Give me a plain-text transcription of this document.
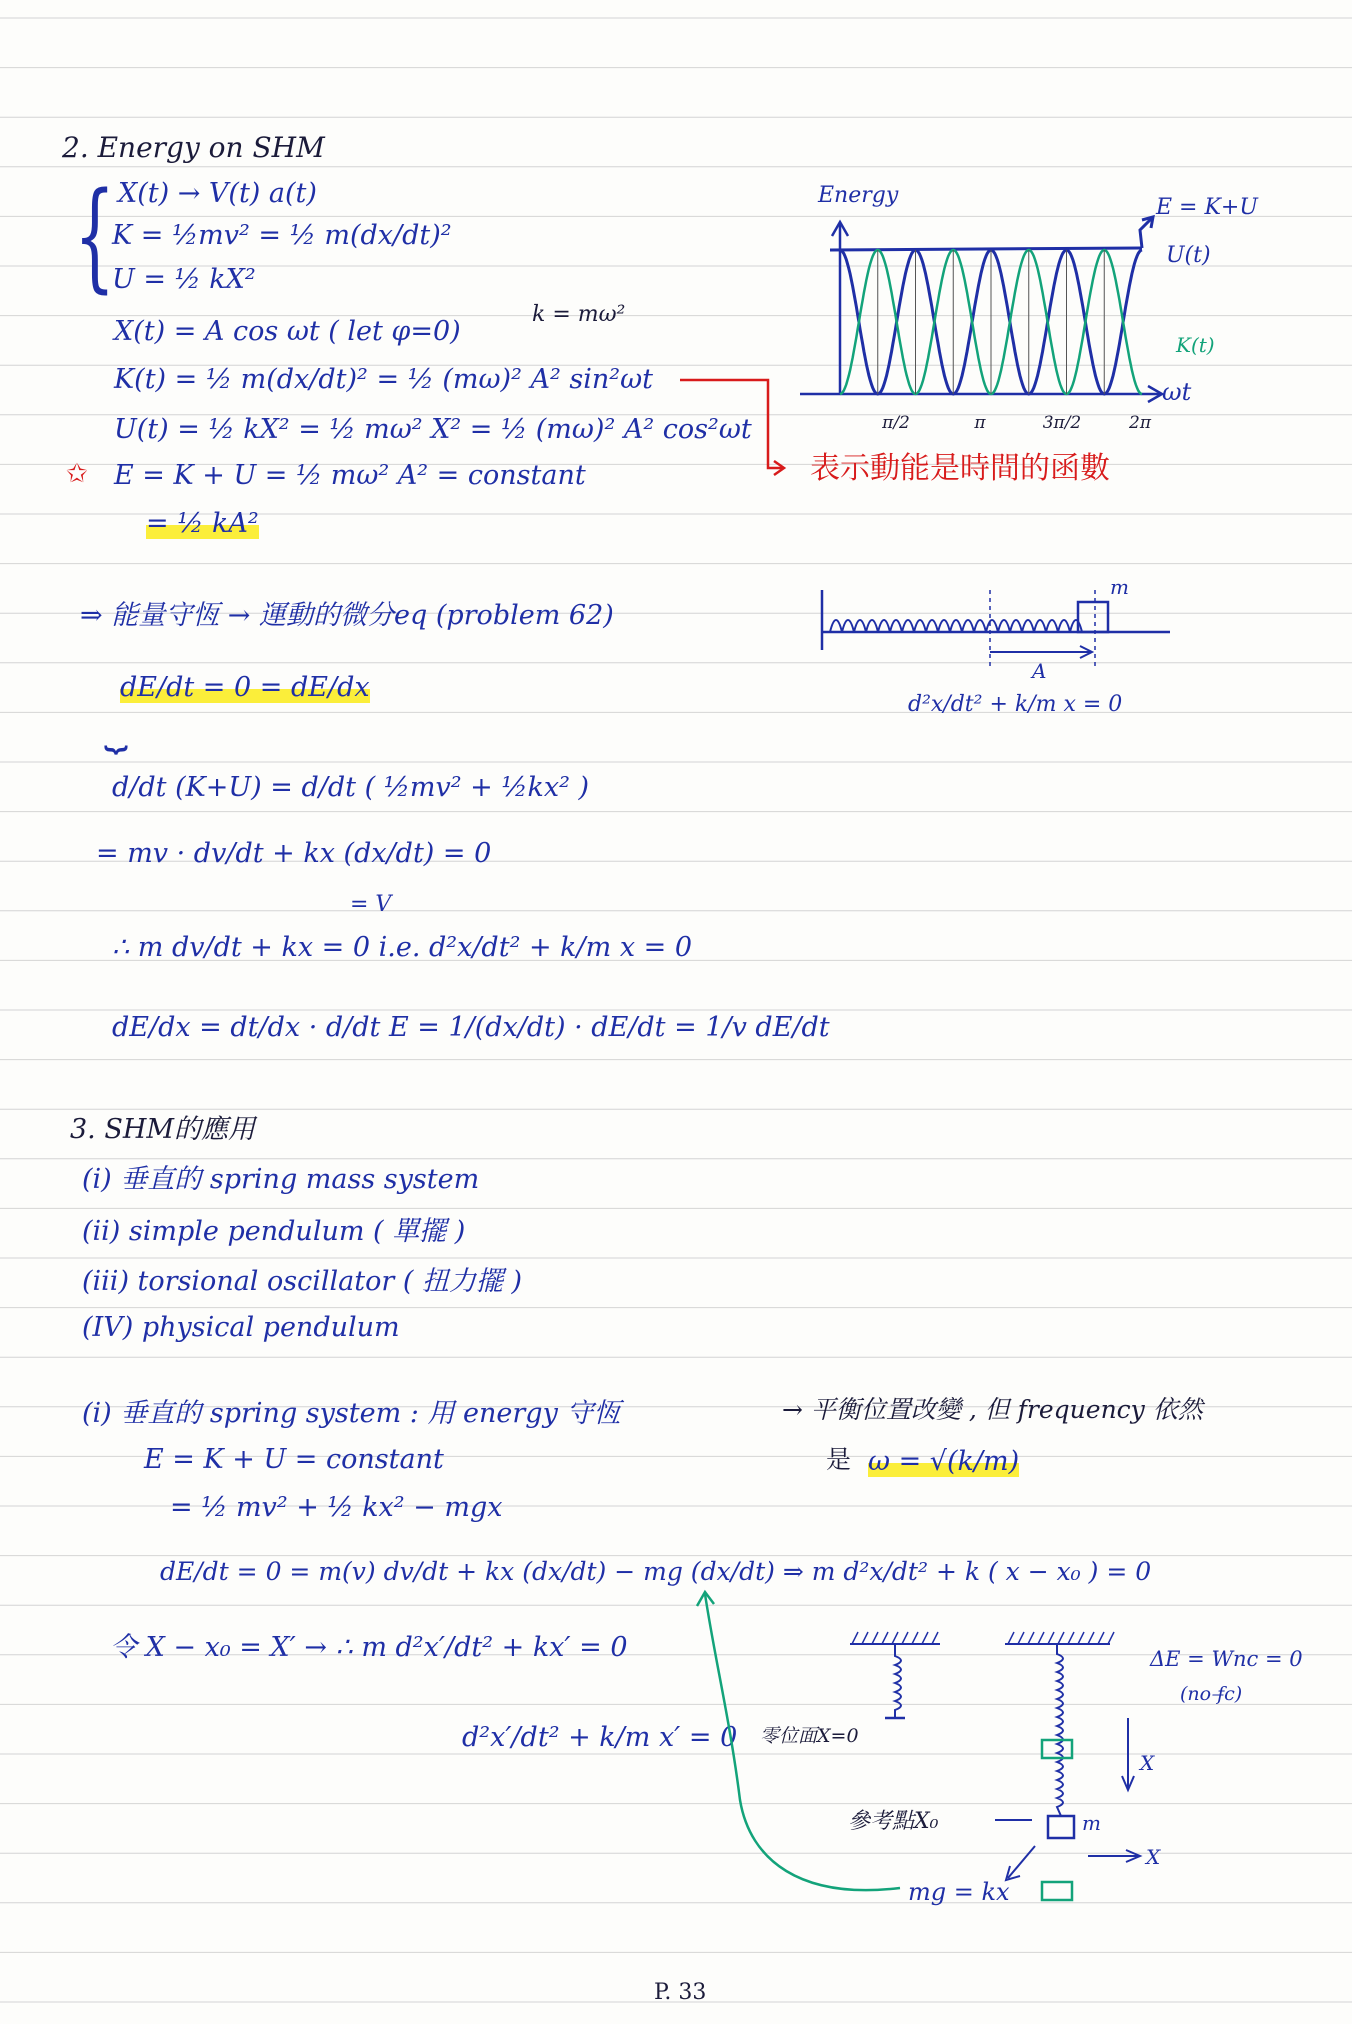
2. Energy on SHM
{ X(t) → V(t) a(t)
K = ½mv² = ½ m(dx/dt)²
U = ½ kX²
X(t) = A cos ωt ( let φ=0)
k = mω²
K(t) = ½ m(dx/dt)² = ½ (mω)² A² sin²ωt
U(t) = ½ kX² = ½ mω² X² = ½ (mω)² A² cos²ωt
✩ E = K + U = ½ mω² A² = constant
= ½ kA²
表示動能是時間的函數
Energy	E = K+U
U(t)
K(t)
ωt
π/2	π	3π/2	2π
⇒ 能量守恆 → 運動的微分eq (problem 62)
dE/dt = 0 = dE/dx
⏟
d/dt (K+U) = d/dt ( ½mv² + ½kx² )
= mv · dv/dt + kx (dx/dt) = 0
= V
∴ m dv/dt + kx = 0 i.e. d²x/dt² + k/m x = 0
dE/dx = dt/dx · d/dt E = 1/(dx/dt) · dE/dt = 1/v dE/dt
m
A
d²x/dt² + k/m x = 0
3. SHM的應用
(i) 垂直的 spring mass system
(ii) simple pendulum ( 單擺 )
(iii) torsional oscillator ( 扭力擺 )
(IV) physical pendulum
(i) 垂直的 spring system : 用 energy 守恆	→ 平衡位置改變 , 但 frequency 依然
是 ω = √(k/m)
E = K + U = constant
= ½ mv² + ½ kx² − mgx
dE/dt = 0 = m(v) dv/dt + kx (dx/dt) − mg (dx/dt) ⇒ m d²x/dt² + k ( x − x₀ ) = 0
令 X − x₀ = X′ → ∴ m d²x′/dt² + kx′ = 0
d²x′/dt² + k/m x′ = 0 零位面X=0
參考點X₀	m
X
X
mg = kx
ΔE = Wnc = 0
(no f̶c)
P. 33
